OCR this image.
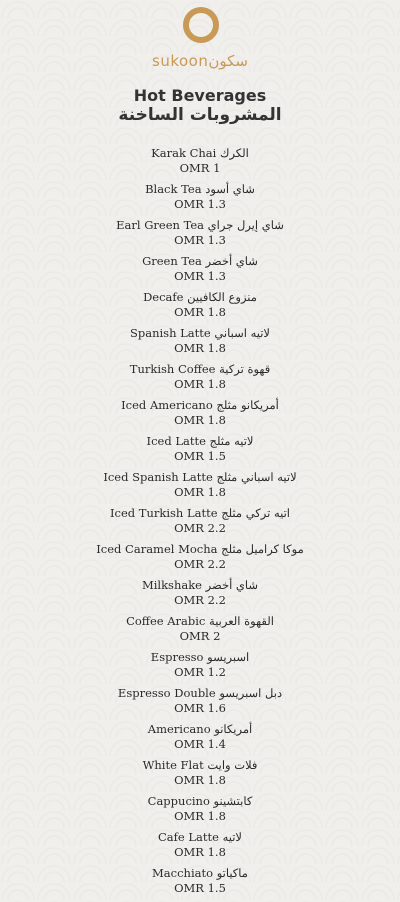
sukoonسكون
Hot Beverages
المشروبات الساخنة
Karak Chai الكرك
OMR 1
Black Tea شاي أسود
OMR 1.3
Earl Green Tea شاي إيرل جراي
OMR 1.3
Green Tea شاي أخضر
OMR 1.3
Decafe منزوع الكافيين
OMR 1.8
Spanish Latte لاتيه اسباني
OMR 1.8
Turkish Coffee قهوة تركية
OMR 1.8
Iced Americano أمريكانو مثلج
OMR 1.8
Iced Latte لاتيه مثلج
OMR 1.5
Iced Spanish Latte لاتيه اسباني مثلج
OMR 1.8
Iced Turkish Latte اتيه تركي مثلج
OMR 2.2
Iced Caramel Mocha موكا كراميل مثلج
OMR 2.2
Milkshake شاي أخضر
OMR 2.2
Coffee Arabic القهوة العربية
OMR 2
Espresso اسبريسو
OMR 1.2
Espresso Double دبل اسبريسو
OMR 1.6
Americano أمريكانو
OMR 1.4
White Flat فلات وايت
OMR 1.8
Cappucino كابتشينو
OMR 1.8
Cafe Latte لاتيه
OMR 1.8
Macchiato ماكياتو
OMR 1.5
